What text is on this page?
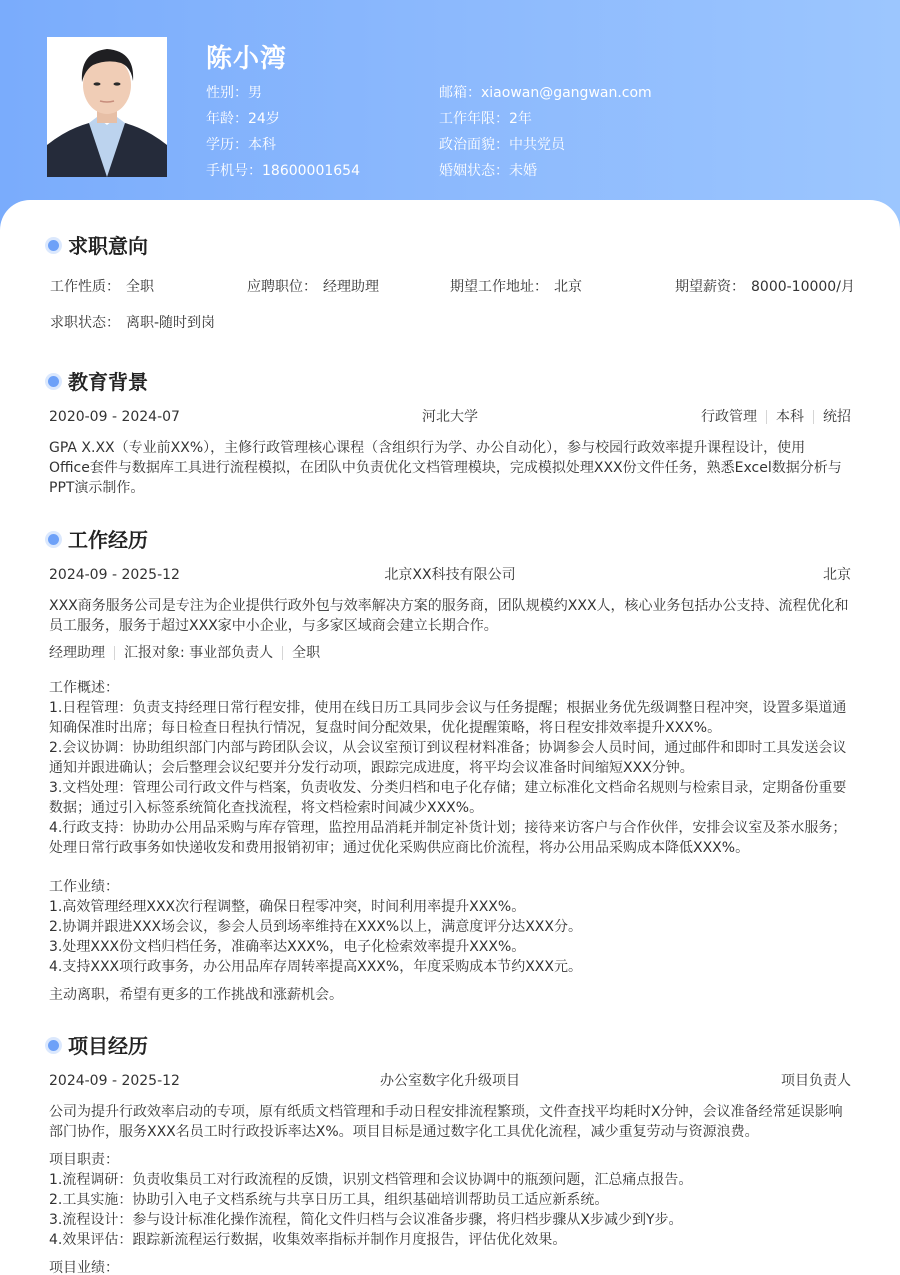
陈小湾
性别：男
年龄：24岁
学历：本科
手机号：18600001654
邮箱：xiaowan@gangwan.com
工作年限：2年
政治面貌：中共党员
婚姻状态：未婚
求职意向
工作性质： 全职	应聘职位： 经理助理	期望工作地址： 北京	期望薪资： 8000-10000/月
求职状态： 离职-随时到岗
教育背景
2020-09 - 2024-07	河北大学	行政管理 本科 统招
GPA X.XX（专业前XX%），主修行政管理核心课程（含组织行为学、办公自动化），参与校园行政效率提升课程设计，使用
Office套件与数据库工具进行流程模拟，在团队中负责优化文档管理模块，完成模拟处理XXX份文件任务，熟悉Excel数据分析与
PPT演示制作。
工作经历
2024-09 - 2025-12	北京XX科技有限公司	北京
XXX商务服务公司是专注为企业提供行政外包与效率解决方案的服务商，团队规模约XXX人，核心业务包括办公支持、流程优化和
员工服务，服务于超过XXX家中小企业，与多家区域商会建立长期合作。
经理助理 汇报对象: 事业部负责人 全职
工作概述：
1.日程管理：负责支持经理日常行程安排，使用在线日历工具同步会议与任务提醒；根据业务优先级调整日程冲突，设置多渠道通
知确保准时出席；每日检查日程执行情况，复盘时间分配效果，优化提醒策略，将日程安排效率提升XXX%。
2.会议协调：协助组织部门内部与跨团队会议，从会议室预订到议程材料准备；协调参会人员时间，通过邮件和即时工具发送会议
通知并跟进确认；会后整理会议纪要并分发行动项，跟踪完成进度，将平均会议准备时间缩短XXX分钟。
3.文档处理：管理公司行政文件与档案，负责收发、分类归档和电子化存储；建立标准化文档命名规则与检索目录，定期备份重要
数据；通过引入标签系统简化查找流程，将文档检索时间减少XXX%。
4.行政支持：协助办公用品采购与库存管理，监控用品消耗并制定补货计划；接待来访客户与合作伙伴，安排会议室及茶水服务；
处理日常行政事务如快递收发和费用报销初审；通过优化采购供应商比价流程，将办公用品采购成本降低XXX%。
工作业绩：
1.高效管理经理XXX次行程调整，确保日程零冲突，时间利用率提升XXX%。
2.协调并跟进XXX场会议，参会人员到场率维持在XXX%以上，满意度评分达XXX分。
3.处理XXX份文档归档任务，准确率达XXX%，电子化检索效率提升XXX%。
4.支持XXX项行政事务，办公用品库存周转率提高XXX%，年度采购成本节约XXX元。
主动离职，希望有更多的工作挑战和涨薪机会。
项目经历
2024-09 - 2025-12	办公室数字化升级项目	项目负责人
公司为提升行政效率启动的专项，原有纸质文档管理和手动日程安排流程繁琐，文件查找平均耗时X分钟，会议准备经常延误影响
部门协作，服务XXX名员工时行政投诉率达X%。项目目标是通过数字化工具优化流程，减少重复劳动与资源浪费。
项目职责：
1.流程调研：负责收集员工对行政流程的反馈，识别文档管理和会议协调中的瓶颈问题，汇总痛点报告。
2.工具实施：协助引入电子文档系统与共享日历工具，组织基础培训帮助员工适应新系统。
3.流程设计：参与设计标准化操作流程，简化文件归档与会议准备步骤，将归档步骤从X步减少到Y步。
4.效果评估：跟踪新流程运行数据，收集效率指标并制作月度报告，评估优化效果。
项目业绩：
